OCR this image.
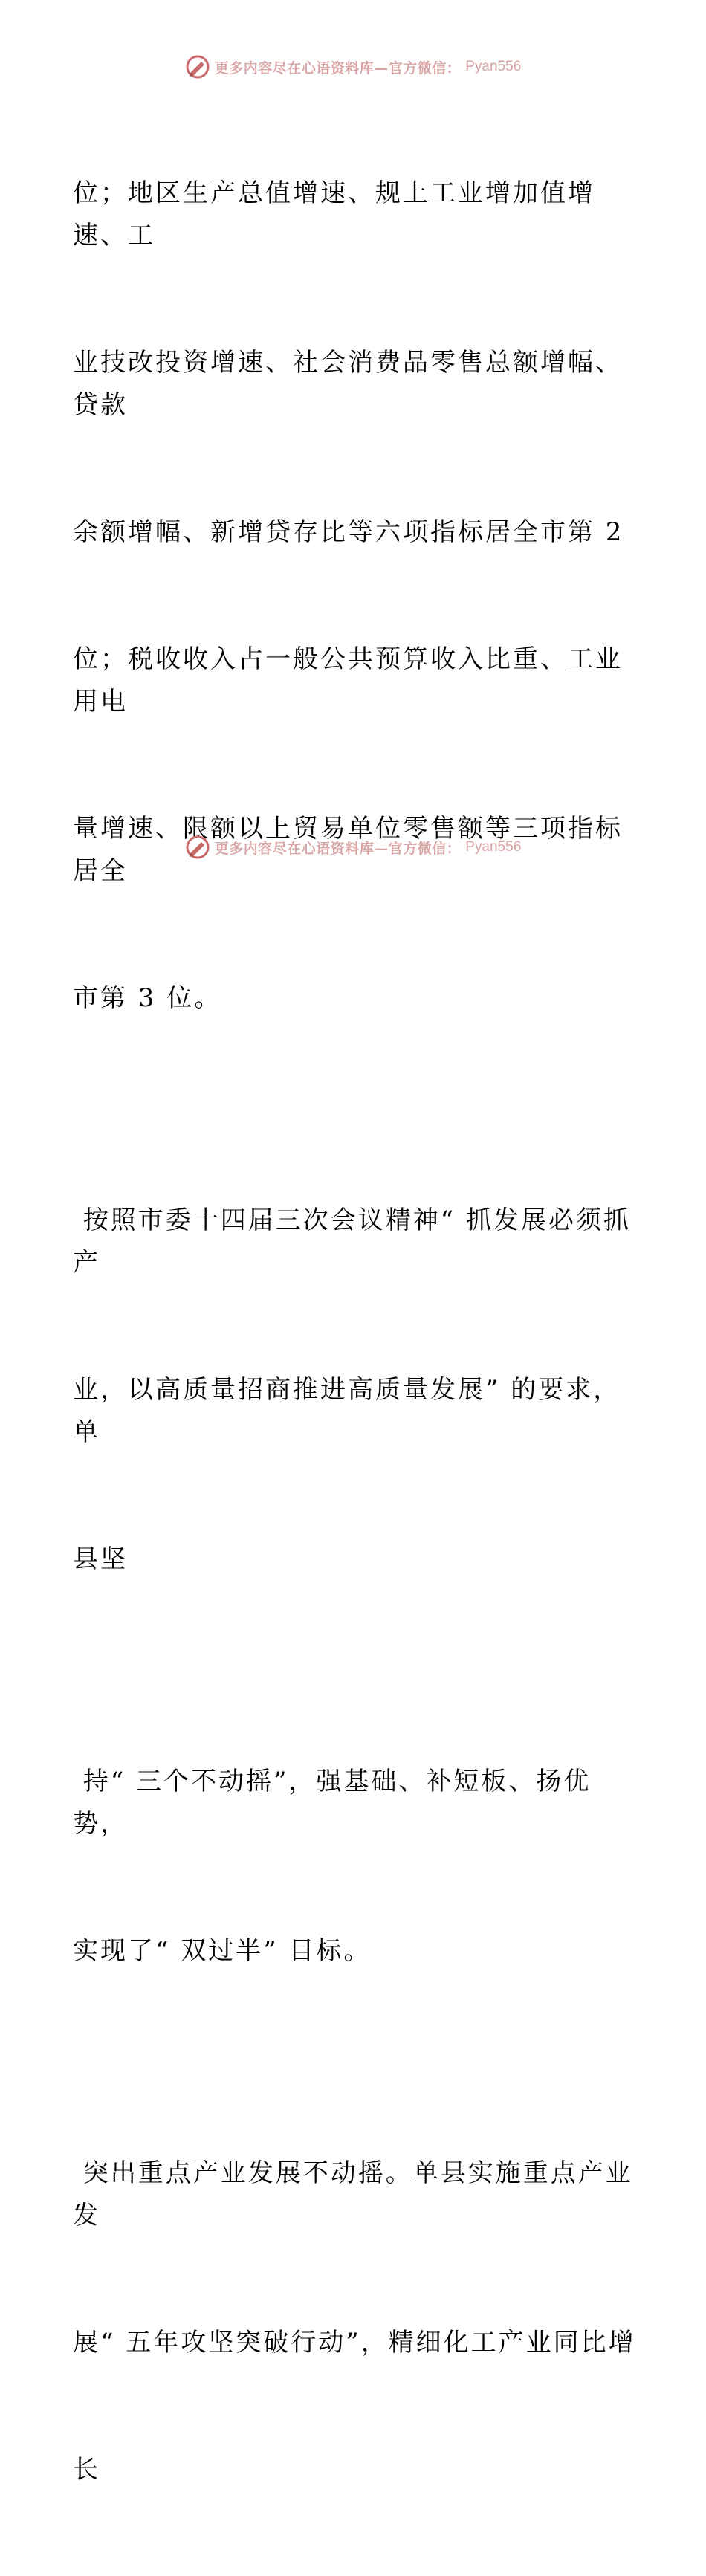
更多内容尽在心语资料库—官方微信： Pyan556

位；地区生产总值增速、规上工业增加值增速、工

业技改投资增速、社会消费品零售总额增幅、贷款

余额增幅、新增贷存比等六项指标居全市第 2

位；税收收入占一般公共预算收入比重、工业用电

量增速、限额以上贸易单位零售额等三项指标居全

市第 3 位。

按照市委十四届三次会议精神“ 抓发展必须抓产

业，以高质量招商推进高质量发展” 的要求，单

县坚

持“ 三个不动摇”，强基础、补短板、扬优势，

实现了“ 双过半” 目标。

突出重点产业发展不动摇。单县实施重点产业发

展“ 五年攻坚突破行动”，精细化工产业同比增

长

更多内容尽在心语资料库—官方微信： Pyan556
